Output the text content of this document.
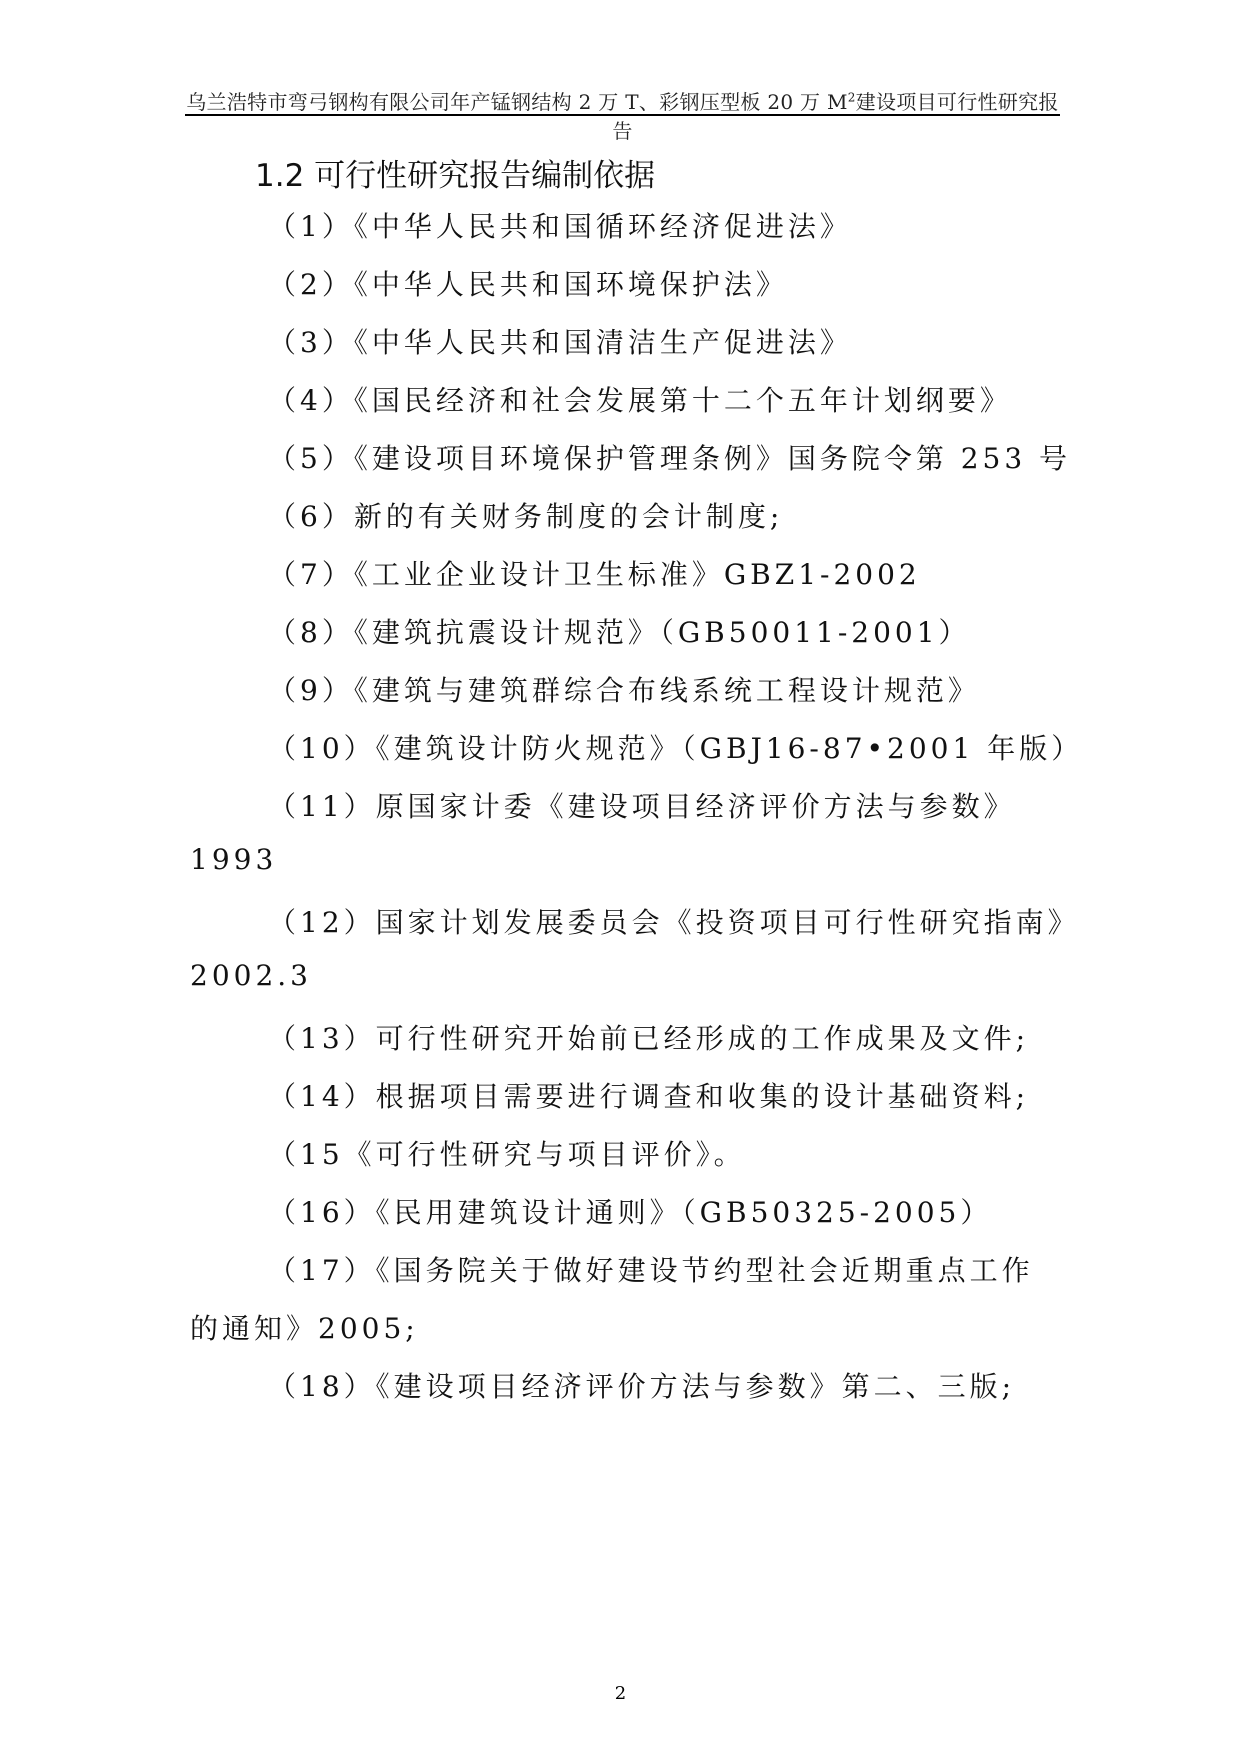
乌兰浩特市弯弓钢构有限公司年产锰钢结构 2 万 T、彩钢压型板 20 万 $M^2$建设项目可行性研究报告
1.2 可行性研究报告编制依据
（1）《中华人民共和国循环经济促进法》
（2）《中华人民共和国环境保护法》
（3）《中华人民共和国清洁生产促进法》
（4）《国民经济和社会发展第十二个五年计划纲要》
（5）《建设项目环境保护管理条例》国务院令第 253 号
（6）新的有关财务制度的会计制度;
（7）《工业企业设计卫生标准》GBZ1-2002
（8）《建筑抗震设计规范》（GB50011-2001）
（9）《建筑与建筑群综合布线系统工程设计规范》
（10）《建筑设计防火规范》（GBJ16-87•2001 年版）
（11）原国家计委《建设项目经济评价方法与参数》
1993
（12）国家计划发展委员会《投资项目可行性研究指南》
2002.3
（13）可行性研究开始前已经形成的工作成果及文件;
（14）根据项目需要进行调查和收集的设计基础资料;
（15《可行性研究与项目评价》。
（16）《民用建筑设计通则》（GB50325-2005）
（17）《国务院关于做好建设节约型社会近期重点工作
的通知》2005;
（18）《建设项目经济评价方法与参数》第二、三版;
2
